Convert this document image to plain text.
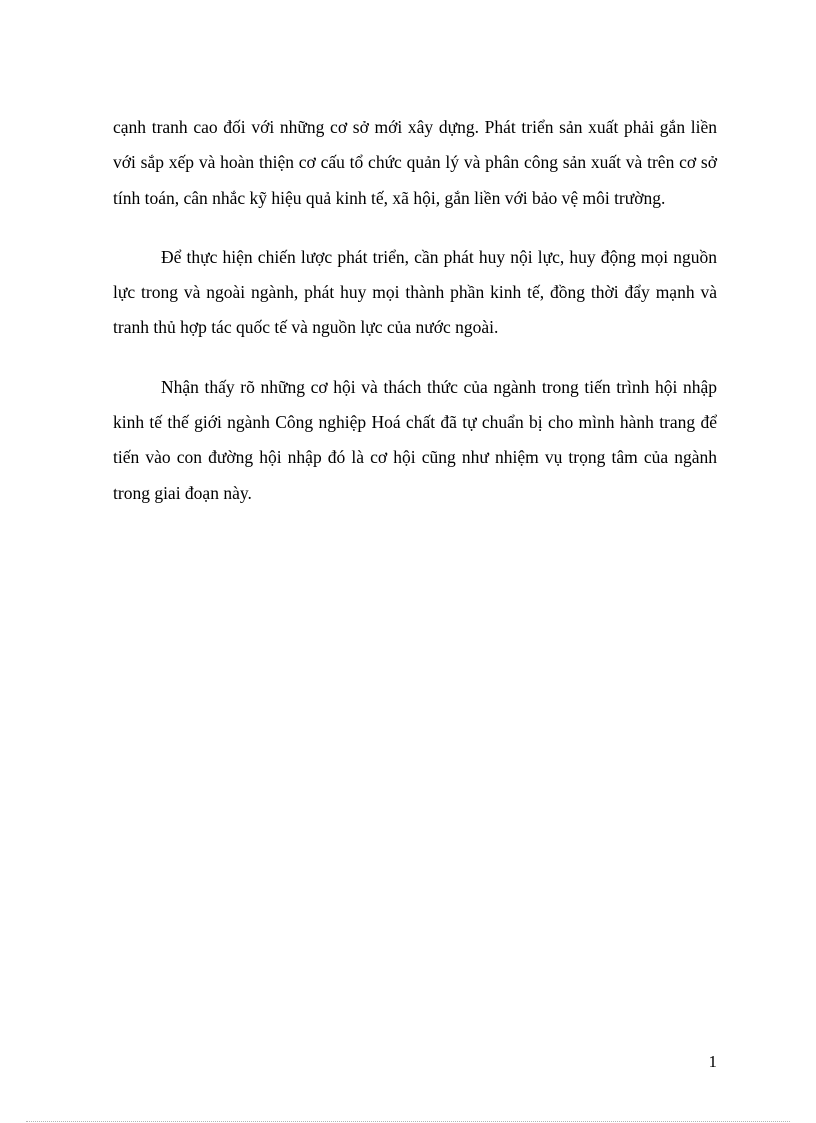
cạnh tranh cao đối với những cơ sở mới xây dựng. Phát triển sản xuất phải gắn liền với sắp xếp và hoàn thiện cơ cấu tổ chức quản lý và phân công sản xuất và trên cơ sở tính toán, cân nhắc kỹ hiệu quả kinh tế, xã hội, gắn liền với bảo vệ môi trường.

Để thực hiện chiến lược phát triển, cần phát huy nội lực, huy động mọi nguồn lực trong và ngoài ngành, phát huy mọi thành phần kinh tế, đồng thời đẩy mạnh và tranh thủ hợp tác quốc tế và nguồn lực của nước ngoài.

Nhận thấy rõ những cơ hội và thách thức của ngành trong tiến trình hội nhập kinh tế thế giới ngành Công nghiệp Hoá chất đã tự chuẩn bị cho mình hành trang để tiến vào con đường hội nhập đó là cơ hội cũng như nhiệm vụ trọng tâm của ngành trong giai đoạn này.

1
